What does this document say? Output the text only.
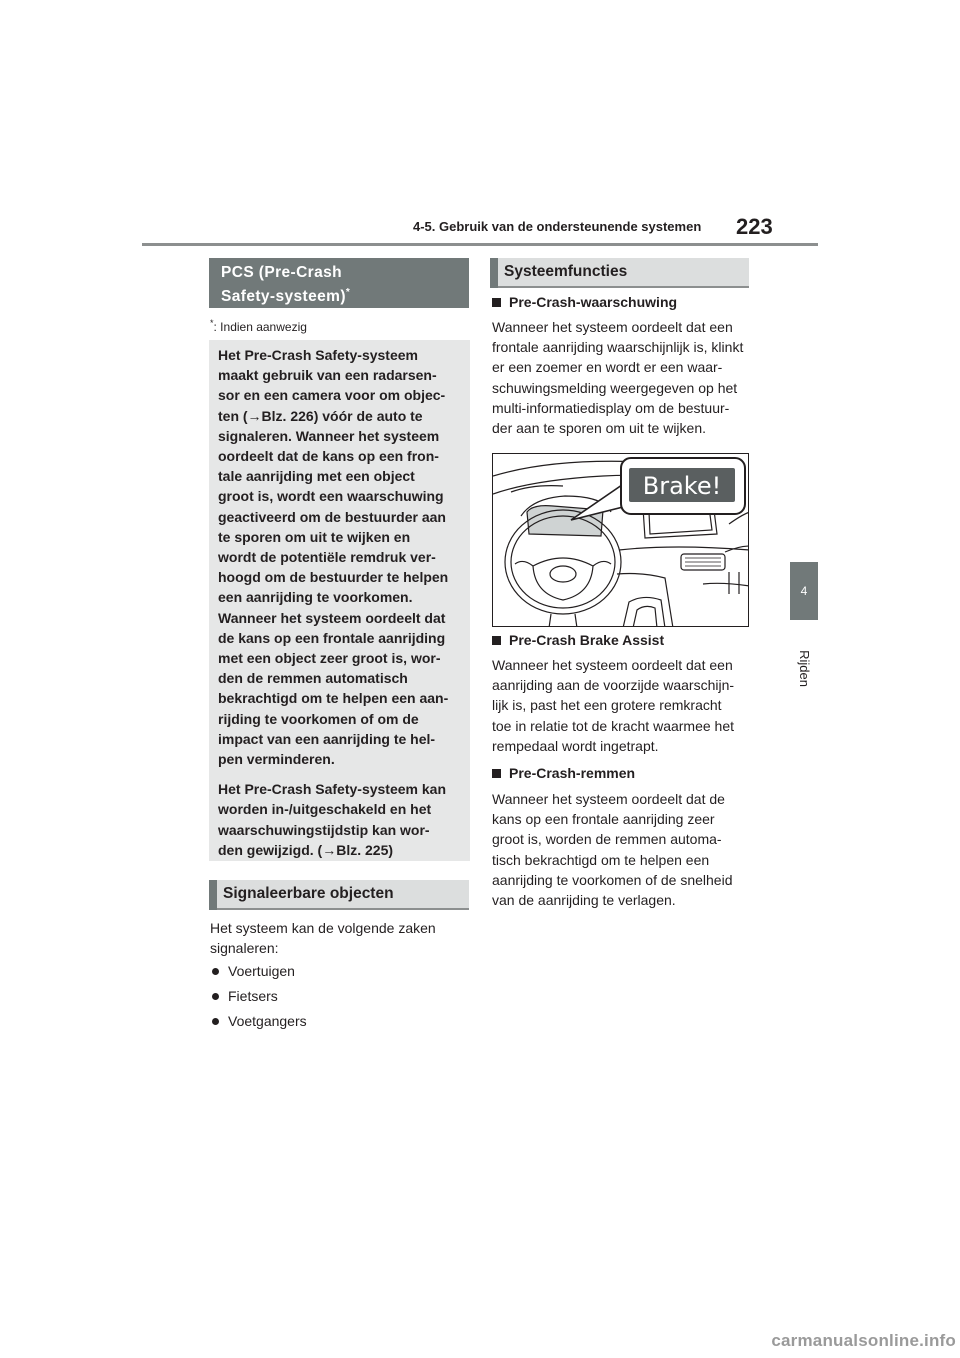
4-5. Gebruik van de ondersteunende systemen 223
4
Rijden
PCS (Pre-Crash
Safety-systeem)*
*: Indien aanwezig

Het Pre-Crash Safety-systeem
maakt gebruik van een radarsen-
sor en een camera voor om objec-
ten (→Blz. 226) vóór de auto te
signaleren. Wanneer het systeem
oordeelt dat de kans op een fron-
tale aanrijding met een object
groot is, wordt een waarschuwing
geactiveerd om de bestuurder aan
te sporen om uit te wijken en
wordt de potentiële remdruk ver-
hoogd om de bestuurder te helpen
een aanrijding te voorkomen.
Wanneer het systeem oordeelt dat
de kans op een frontale aanrijding
met een object zeer groot is, wor-
den de remmen automatisch
bekrachtigd om te helpen een aan-
rijding te voorkomen of om de
impact van een aanrijding te hel-
pen verminderen.

Het Pre-Crash Safety-systeem kan
worden in-/uitgeschakeld en het
waarschuwingstijdstip kan wor-
den gewijzigd. (→Blz. 225)

Signaleerbare objecten
Het systeem kan de volgende zaken
signaleren:
Voertuigen
Fietsers
Voetgangers
Systeemfuncties
Pre-Crash-waarschuwing
Wanneer het systeem oordeelt dat een
frontale aanrijding waarschijnlijk is, klinkt
er een zoemer en wordt er een waar-
schuwingsmelding weergegeven op het
multi-informatiedisplay om de bestuur-
der aan te sporen om uit te wijken.
Brake!
Pre-Crash Brake Assist
Wanneer het systeem oordeelt dat een
aanrijding aan de voorzijde waarschijn-
lijk is, past het een grotere remkracht
toe in relatie tot de kracht waarmee het
rempedaal wordt ingetrapt.
Pre-Crash-remmen
Wanneer het systeem oordeelt dat de
kans op een frontale aanrijding zeer
groot is, worden de remmen automa-
tisch bekrachtigd om te helpen een
aanrijding te voorkomen of de snelheid
van de aanrijding te verlagen.
carmanualsonline.info
